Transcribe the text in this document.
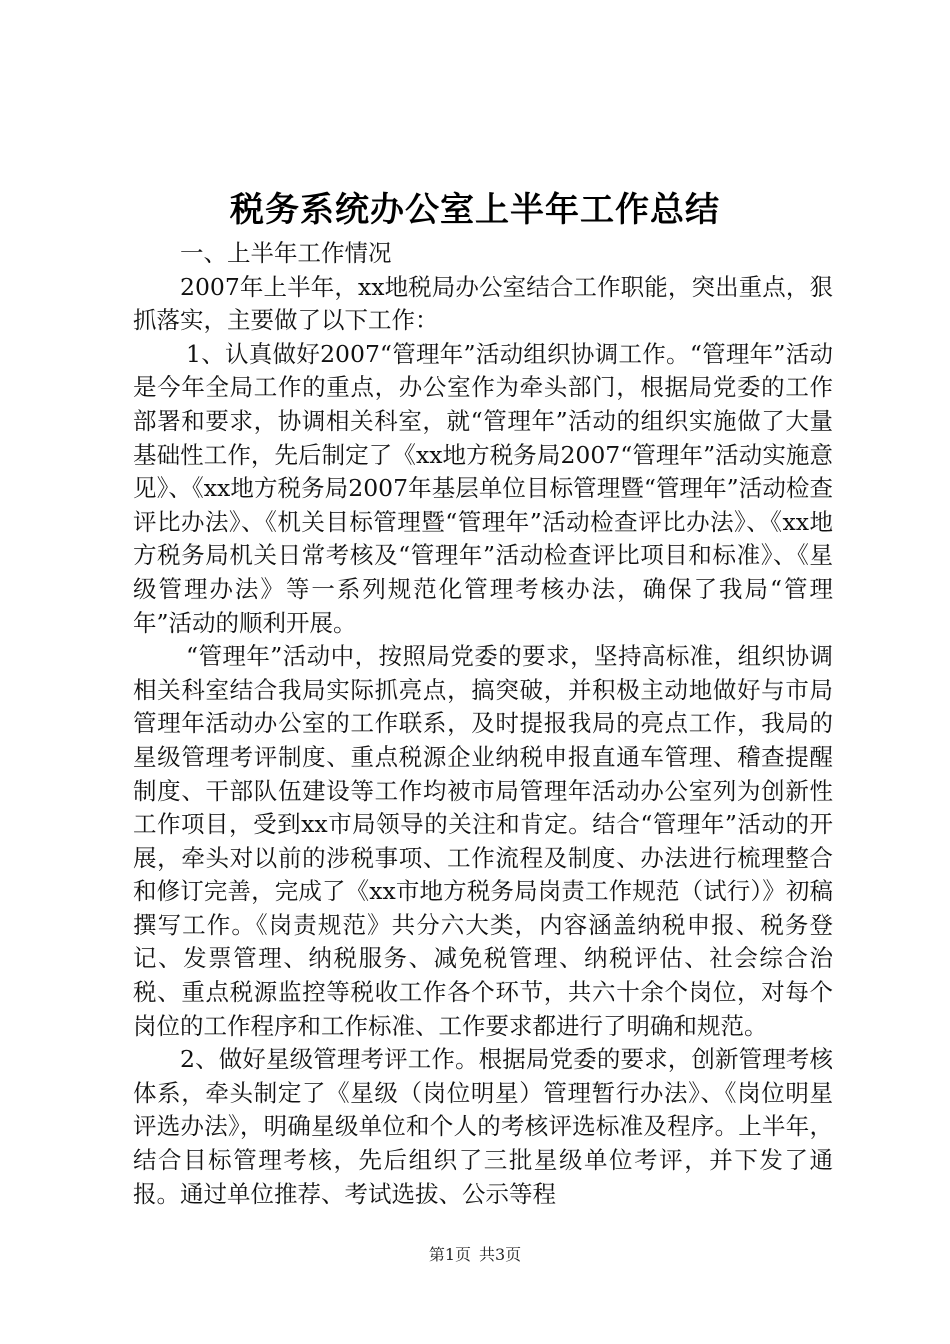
税务系统办公室上半年工作总结

一、上半年工作情况

2007年上半年，xx地税局办公室结合工作职能，突出重点，狠抓落实，主要做了以下工作：

1、认真做好2007“管理年”活动组织协调工作。“管理年”活动是今年全局工作的重点，办公室作为牵头部门，根据局党委的工作部署和要求，协调相关科室，就“管理年”活动的组织实施做了大量基础性工作，先后制定了《xx地方税务局2007“管理年”活动实施意见》、《xx地方税务局2007年基层单位目标管理暨“管理年”活动检查评比办法》、《机关目标管理暨“管理年”活动检查评比办法》、《xx地方税务局机关日常考核及“管理年”活动检查评比项目和标准》、《星级管理办法》等一系列规范化管理考核办法，确保了我局“管理年”活动的顺利开展。

“管理年”活动中，按照局党委的要求，坚持高标准，组织协调相关科室结合我局实际抓亮点，搞突破，并积极主动地做好与市局管理年活动办公室的工作联系，及时提报我局的亮点工作，我局的星级管理考评制度、重点税源企业纳税申报直通车管理、稽查提醒制度、干部队伍建设等工作均被市局管理年活动办公室列为创新性工作项目，受到xx市局领导的关注和肯定。结合“管理年”活动的开展，牵头对以前的涉税事项、工作流程及制度、办法进行梳理整合和修订完善，完成了《xx市地方税务局岗责工作规范（试行）》初稿撰写工作。《岗责规范》共分六大类，内容涵盖纳税申报、税务登记、发票管理、纳税服务、减免税管理、纳税评估、社会综合治税、重点税源监控等税收工作各个环节，共六十余个岗位，对每个岗位的工作程序和工作标准、工作要求都进行了明确和规范。

2、做好星级管理考评工作。根据局党委的要求，创新管理考核体系，牵头制定了《星级（岗位明星）管理暂行办法》、《岗位明星评选办法》，明确星级单位和个人的考核评选标准及程序。上半年，结合目标管理考核，先后组织了三批星级单位考评，并下发了通报。通过单位推荐、考试选拔、公示等程

第1页 共3页
